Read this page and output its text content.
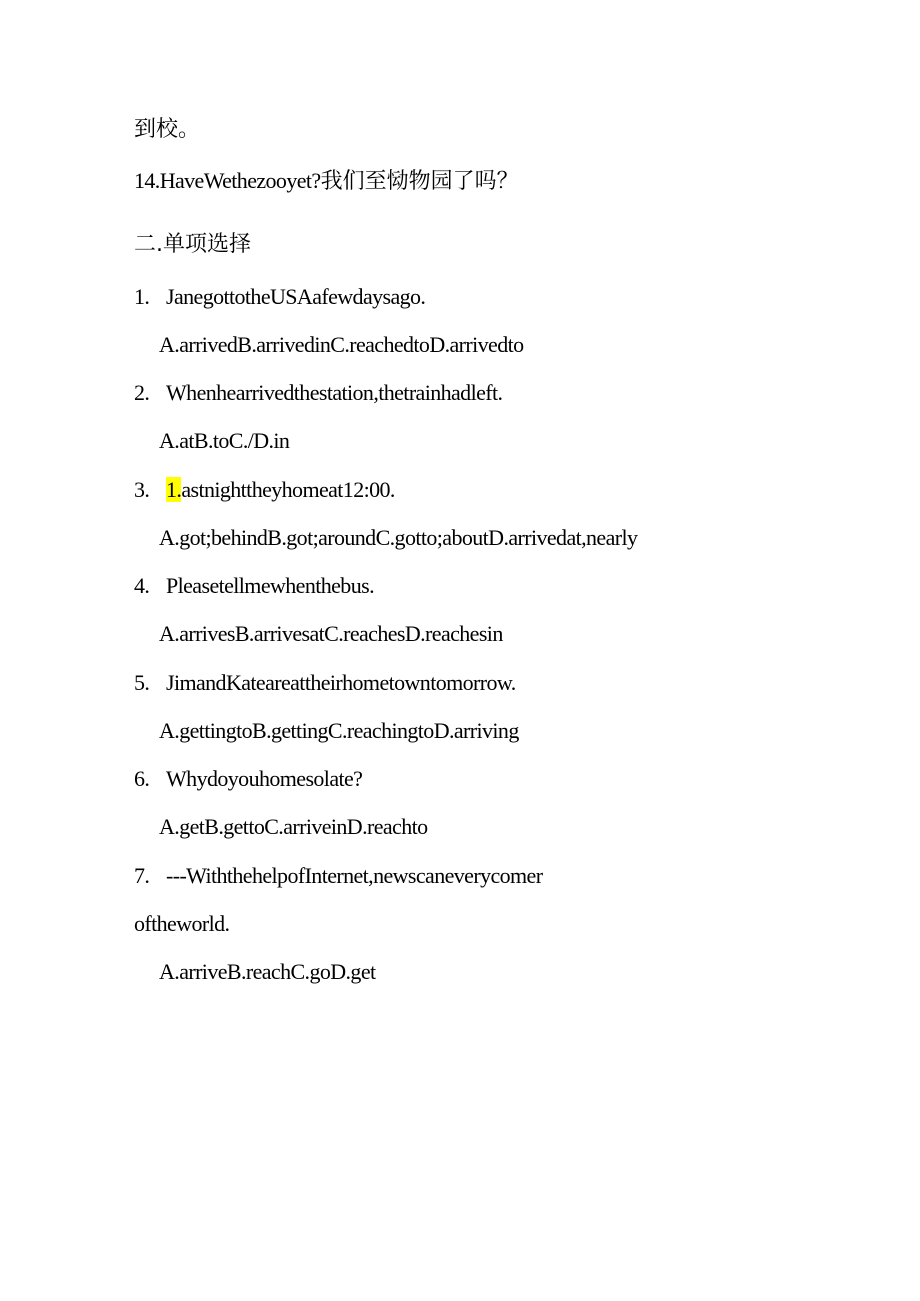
到校。
14.HaveWethezooyet?我们至恸物园了吗？
二.单项选择
1. JanegottotheUSAafewdaysago.
A.arrivedB.arrivedinC.reachedtoD.arrivedto
2. Whenhearrivedthestation,thetrainhadleft.
A.atB.toC./D.in
3. 1.astnighttheyhomeat12:00.
A.got;behindB.got;aroundC.gotto;aboutD.arrivedat,nearly
4. Pleasetellmewhenthebus.
A.arrivesB.arrivesatC.reachesD.reachesin
5. JimandKateareattheirhometowntomorrow.
A.gettingtoB.gettingC.reachingtoD.arriving
6. Whydoyouhomesolate?
A.getB.gettoC.arriveinD.reachto
7. ---WiththehelpofInternet,newscaneverycomer
oftheworld.
A.arriveB.reachC.goD.get
